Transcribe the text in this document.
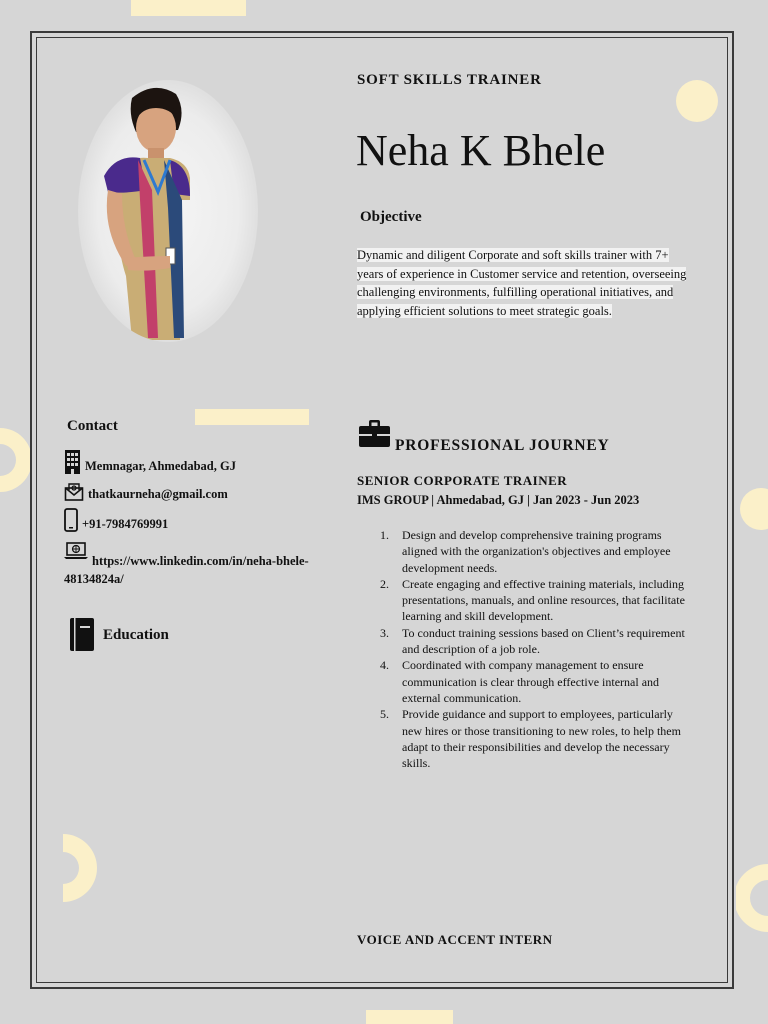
SOFT SKILLS TRAINER
Neha K Bhele
Objective
Dynamic and diligent Corporate and soft skills trainer with 7+ years of experience in Customer service and retention, overseeing challenging environments, fulfilling operational initiatives, and applying efficient solutions to meet strategic goals.
Contact
Memnagar, Ahmedabad, GJ
thatkaurneha@gmail.com
+91-7984769991
https://www.linkedin.com/in/neha-bhele-48134824a/
Education
PROFESSIONAL JOURNEY
SENIOR CORPORATE TRAINER
IMS GROUP | Ahmedabad, GJ | Jan 2023 - Jun 2023
1. Design and develop comprehensive training programs aligned with the organization's objectives and employee development needs.
2. Create engaging and effective training materials, including presentations, manuals, and online resources, that facilitate learning and skill development.
3. To conduct training sessions based on Client’s requirement and description of a job role.
4. Coordinated with company management to ensure communication is clear through effective internal and external communication.
5. Provide guidance and support to employees, particularly new hires or those transitioning to new roles, to help them adapt to their responsibilities and develop the necessary skills.
VOICE AND ACCENT INTERN
